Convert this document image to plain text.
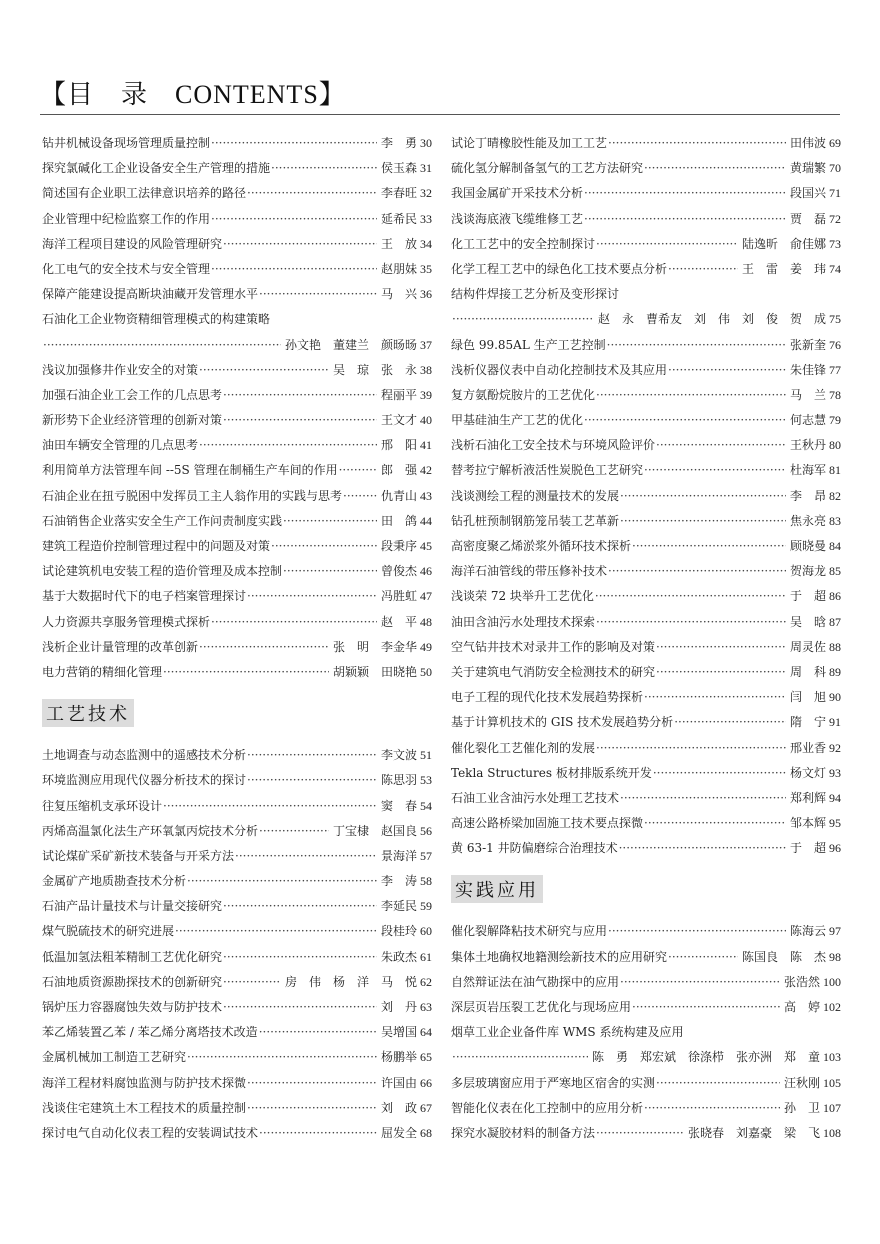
【目　录　CONTENTS】
钻井机械设备现场管理质量控制 ·····	李　勇 30
探究氯碱化工企业设备安全生产管理的措施 ·····	侯玉森 31
简述国有企业职工法律意识培养的路径 ·····	李春旺 32
企业管理中纪检监察工作的作用 ·····	延希民 33
海洋工程项目建设的风险管理研究 ·····	王　放 34
化工电气的安全技术与安全管理 ·····	赵朋妹 35
保障产能建设提高断块油藏开发管理水平 ·····	马　兴 36
石油化工企业物资精细管理模式的构建策略
·····
孙文艳　董建兰　颜旸旸 37
浅议加强修井作业安全的对策 ·····	吴　琼　张　永 38
加强石油企业工会工作的几点思考 ·····	程丽平 39
新形势下企业经济管理的创新对策 ·····	王文才 40
油田车辆安全管理的几点思考 ·····	邢　阳 41
利用简单方法管理车间 --5S 管理在制桶生产车间的作用 ·····	郎　强 42
石油企业在扭亏脱困中发挥员工主人翁作用的实践与思考 ·····	仇青山 43
石油销售企业落实安全生产工作问责制度实践 ·····	田　鸽 44
建筑工程造价控制管理过程中的问题及对策 ·····	段秉序 45
试论建筑机电安装工程的造价管理及成本控制 ·····	曾俊杰 46
基于大数据时代下的电子档案管理探讨 ·····	冯胜虹 47
人力资源共享服务管理模式探析 ·····	赵　平 48
浅析企业计量管理的改革创新 ·····	张　明　李金华 49
电力营销的精细化管理 ·····	胡颖颖　田晓艳 50
工艺技术
土地调查与动态监测中的遥感技术分析 ·····	李文波 51
环境监测应用现代仪器分析技术的探讨 ·····	陈思羽 53
往复压缩机支承环设计 ·····	窦　春 54
丙烯高温氯化法生产环氧氯丙烷技术分析 ·····	丁宝棣　赵国良 56
试论煤矿采矿新技术装备与开采方法 ·····	景海洋 57
金属矿产地质勘查技术分析 ·····	李　涛 58
石油产品计量技术与计量交接研究 ·····	李延民 59
煤气脱硫技术的研究进展 ·····	段桂玲 60
低温加氢法粗苯精制工艺优化研究 ·····	朱政杰 61
石油地质资源勘探技术的创新研究 ·····	房　伟　杨　洋　马　悦 62
锅炉压力容器腐蚀失效与防护技术 ·····	刘　丹 63
苯乙烯装置乙苯 / 苯乙烯分离塔技术改造 ·····	吴增国 64
金属机械加工制造工艺研究 ·····	杨鹏举 65
海洋工程材料腐蚀监测与防护技术探微 ·····	许国由 66
浅谈住宅建筑土木工程技术的质量控制 ·····	刘　政 67
探讨电气自动化仪表工程的安装调试技术 ·····	屈发全 68
试论丁晴橡胶性能及加工工艺 ·····	田伟波 69
硫化氢分解制备氢气的工艺方法研究 ·····	黄瑞繁 70
我国金属矿开采技术分析 ·····	段国兴 71
浅谈海底液飞缆维修工艺 ·····	贾　磊 72
化工工艺中的安全控制探讨 ·····	陆逸昕　俞佳娜 73
化学工程工艺中的绿色化工技术要点分析 ·····	王　雷　姜　玮 74
结构件焊接工艺分析及变形探讨
·····
赵　永　曹希友　刘　伟　刘　俊　贺　成 75
绿色 99.85AL 生产工艺控制 ·····	张新奎 76
浅析仪器仪表中自动化控制技术及其应用 ·····	朱佳锋 77
复方氨酚烷胺片的工艺优化 ·····	马　兰 78
甲基硅油生产工艺的优化 ·····	何志慧 79
浅析石油化工安全技术与环境风险评价 ·····	王秋丹 80
替考拉宁解析液活性炭脱色工艺研究 ·····	杜海军 81
浅谈测绘工程的测量技术的发展 ·····	李　昂 82
钻孔桩预制钢筋笼吊装工艺革新 ·····	焦永亮 83
高密度聚乙烯淤浆外循环技术探析 ·····	顾晓曼 84
海洋石油管线的带压修补技术 ·····	贺海龙 85
浅谈荣 72 块举升工艺优化 ·····	于　超 86
油田含油污水处理技术探索 ·····	吴　晗 87
空气钻井技术对录井工作的影响及对策 ·····	周灵佐 88
关于建筑电气消防安全检测技术的研究 ·····	周　科 89
电子工程的现代化技术发展趋势探析 ·····	闫　旭 90
基于计算机技术的 GIS 技术发展趋势分析 ·····	隋　宁 91
催化裂化工艺催化剂的发展 ·····	邢业香 92
Tekla Structures 板材排版系统开发 ·····	杨文灯 93
石油工业含油污水处理工艺技术 ·····	郑利辉 94
高速公路桥梁加固施工技术要点探微 ·····	邹本辉 95
黄 63-1 井防偏磨综合治理技术 ·····	于　超 96
实践应用
催化裂解降粘技术研究与应用 ·····	陈海云 97
集体土地确权地籍测绘新技术的应用研究 ·····	陈国良　陈　杰 98
自然辩证法在油气勘探中的应用 ·····	张浩然 100
深层页岩压裂工艺优化与现场应用 ·····	高　婷 102
烟草工业企业备件库 WMS 系统构建及应用
·····
陈　勇　郑宏斌　徐涤栉　张亦洲　郑　童 103
多层玻璃窗应用于严寒地区宿舍的实测 ·····	汪秋刚 105
智能化仪表在化工控制中的应用分析 ·····	孙　卫 107
探究水凝胶材料的制备方法 ·····	张晓春　刘嘉豪　梁　飞 108
